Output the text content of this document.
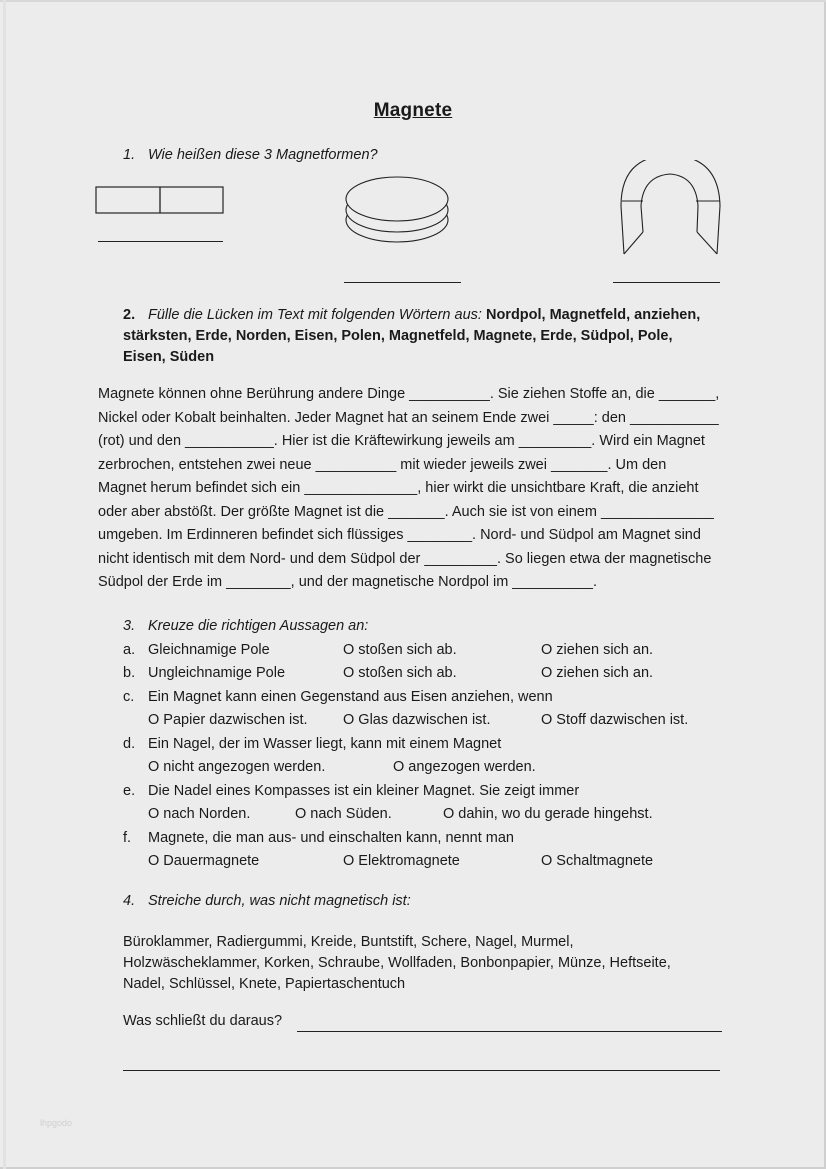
Magnete
1. Wie heißen diese 3 Magnetformen?
2. Fülle die Lücken im Text mit folgenden Wörtern aus: Nordpol, Magnetfeld, anziehen,
stärksten, Erde, Norden, Eisen, Polen, Magnetfeld, Magnete, Erde, Südpol, Pole,
Eisen, Süden
Magnete können ohne Berührung andere Dinge __________. Sie ziehen Stoffe an, die _______,
Nickel oder Kobalt beinhalten. Jeder Magnet hat an seinem Ende zwei _____: den ___________
(rot) und den ___________. Hier ist die Kräftewirkung jeweils am _________. Wird ein Magnet
zerbrochen, entstehen zwei neue __________ mit wieder jeweils zwei _______. Um den
Magnet herum befindet sich ein ______________, hier wirkt die unsichtbare Kraft, die anzieht
oder aber abstößt. Der größte Magnet ist die _______. Auch sie ist von einem ______________
umgeben. Im Erdinneren befindet sich flüssiges ________. Nord- und Südpol am Magnet sind
nicht identisch mit dem Nord- und dem Südpol der _________. So liegen etwa der magnetische
Südpol der Erde im ________, und der magnetische Nordpol im __________.
3. Kreuze die richtigen Aussagen an:
a. Gleichnamige Pole	O stoßen sich ab.	O ziehen sich an.
b. Ungleichnamige Pole	O stoßen sich ab.	O ziehen sich an.
c. Ein Magnet kann einen Gegenstand aus Eisen anziehen, wenn
O Papier dazwischen ist. O Glas dazwischen ist.	O Stoff dazwischen ist.
d. Ein Nagel, der im Wasser liegt, kann mit einem Magnet
O nicht angezogen werden.	O angezogen werden.
e. Die Nadel eines Kompasses ist ein kleiner Magnet. Sie zeigt immer
O nach Norden.	O nach Süden.	O dahin, wo du gerade hingehst.
f. Magnete, die man aus- und einschalten kann, nennt man
O Dauermagnete	O Elektromagnete	O Schaltmagnete
4. Streiche durch, was nicht magnetisch ist:
Büroklammer, Radiergummi, Kreide, Buntstift, Schere, Nagel, Murmel,
Holzwäscheklammer, Korken, Schraube, Wollfaden, Bonbonpapier, Münze, Heftseite,
Nadel, Schlüssel, Knete, Papiertaschentuch
Was schließt du daraus?
lhpgodo
